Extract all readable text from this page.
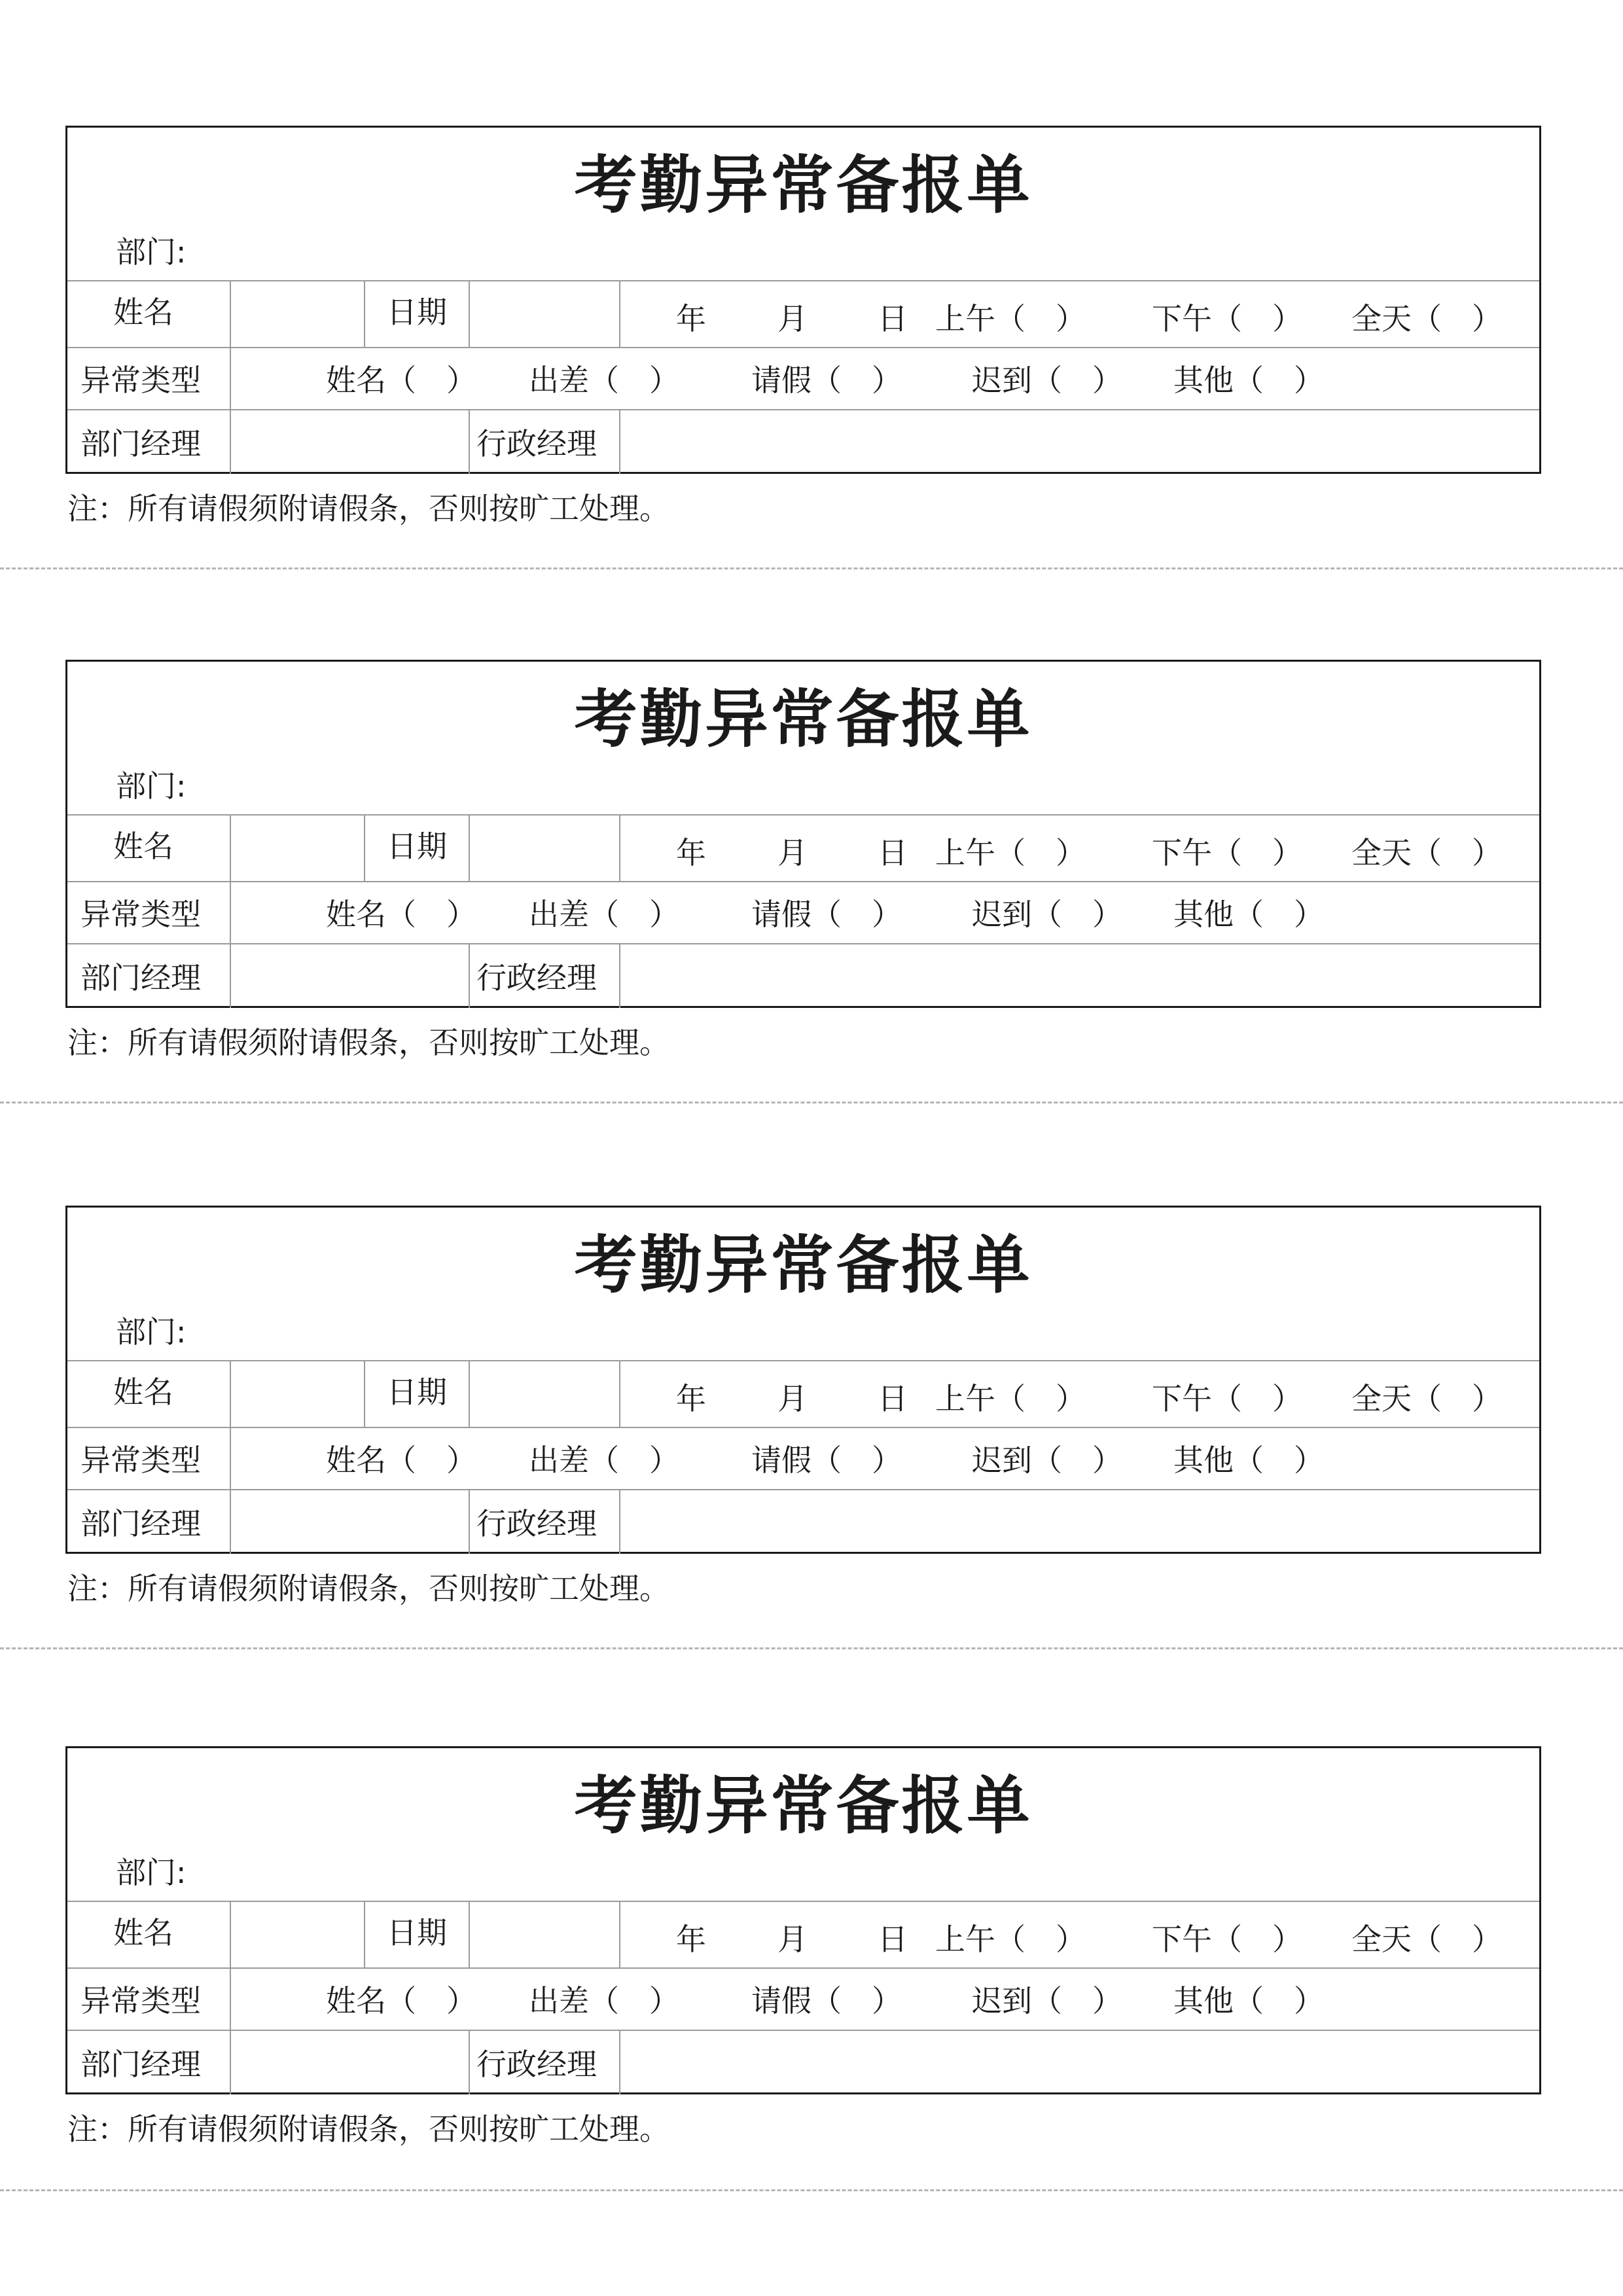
考勤异常备报单
部门:
姓名	日期	年 月 日 上午（　） 下午（　） 全天（　）
异常类型	姓名（　） 出差（　） 请假（　） 迟到（　） 其他（　）
部门经理	行政经理
注：所有请假须附请假条，否则按旷工处理。
考勤异常备报单
部门:
姓名	日期	年 月 日 上午（　） 下午（　） 全天（　）
异常类型	姓名（　） 出差（　） 请假（　） 迟到（　） 其他（　）
部门经理	行政经理
注：所有请假须附请假条，否则按旷工处理。
考勤异常备报单
部门:
姓名	日期	年 月 日 上午（　） 下午（　） 全天（　）
异常类型	姓名（　） 出差（　） 请假（　） 迟到（　） 其他（　）
部门经理	行政经理
注：所有请假须附请假条，否则按旷工处理。
考勤异常备报单
部门:
姓名	日期	年 月 日 上午（　） 下午（　） 全天（　）
异常类型	姓名（　） 出差（　） 请假（　） 迟到（　） 其他（　）
部门经理	行政经理
注：所有请假须附请假条，否则按旷工处理。
